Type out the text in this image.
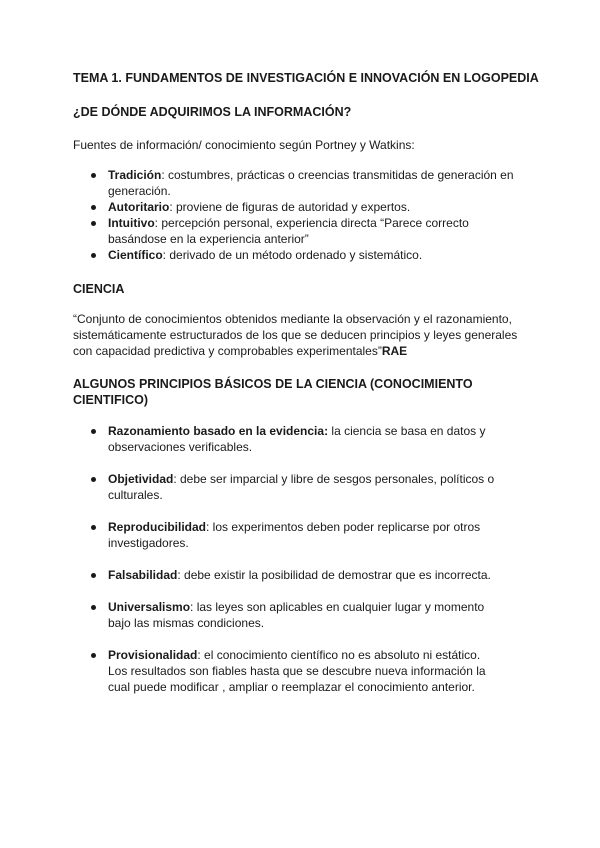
TEMA 1. FUNDAMENTOS DE INVESTIGACIÓN E INNOVACIÓN EN LOGOPEDIA
¿DE DÓNDE ADQUIRIMOS LA INFORMACIÓN?
Fuentes de información/ conocimiento según Portney y Watkins:
Tradición: costumbres, prácticas o creencias transmitidas de generación en generación.
Autoritario: proviene de figuras de autoridad y expertos.
Intuitivo: percepción personal, experiencia directa “Parece correcto basándose en la experiencia anterior”
Científico: derivado de un método ordenado y sistemático.
CIENCIA
“Conjunto de conocimientos obtenidos mediante la observación y el razonamiento, sistemáticamente estructurados de los que se deducen principios y leyes generales con capacidad predictiva y comprobables experimentales”RAE
ALGUNOS PRINCIPIOS BÁSICOS DE LA CIENCIA (CONOCIMIENTO CIENTIFICO)
Razonamiento basado en la evidencia: la ciencia se basa en datos y observaciones verificables.
Objetividad: debe ser imparcial y libre de sesgos personales, políticos o culturales.
Reproducibilidad: los experimentos deben poder replicarse por otros investigadores.
Falsabilidad: debe existir la posibilidad de demostrar que es incorrecta.
Universalismo: las leyes son aplicables en cualquier lugar y momento bajo las mismas condiciones.
Provisionalidad: el conocimiento científico no es absoluto ni estático. Los resultados son fiables hasta que se descubre nueva información la cual puede modificar , ampliar o reemplazar el conocimiento anterior.
